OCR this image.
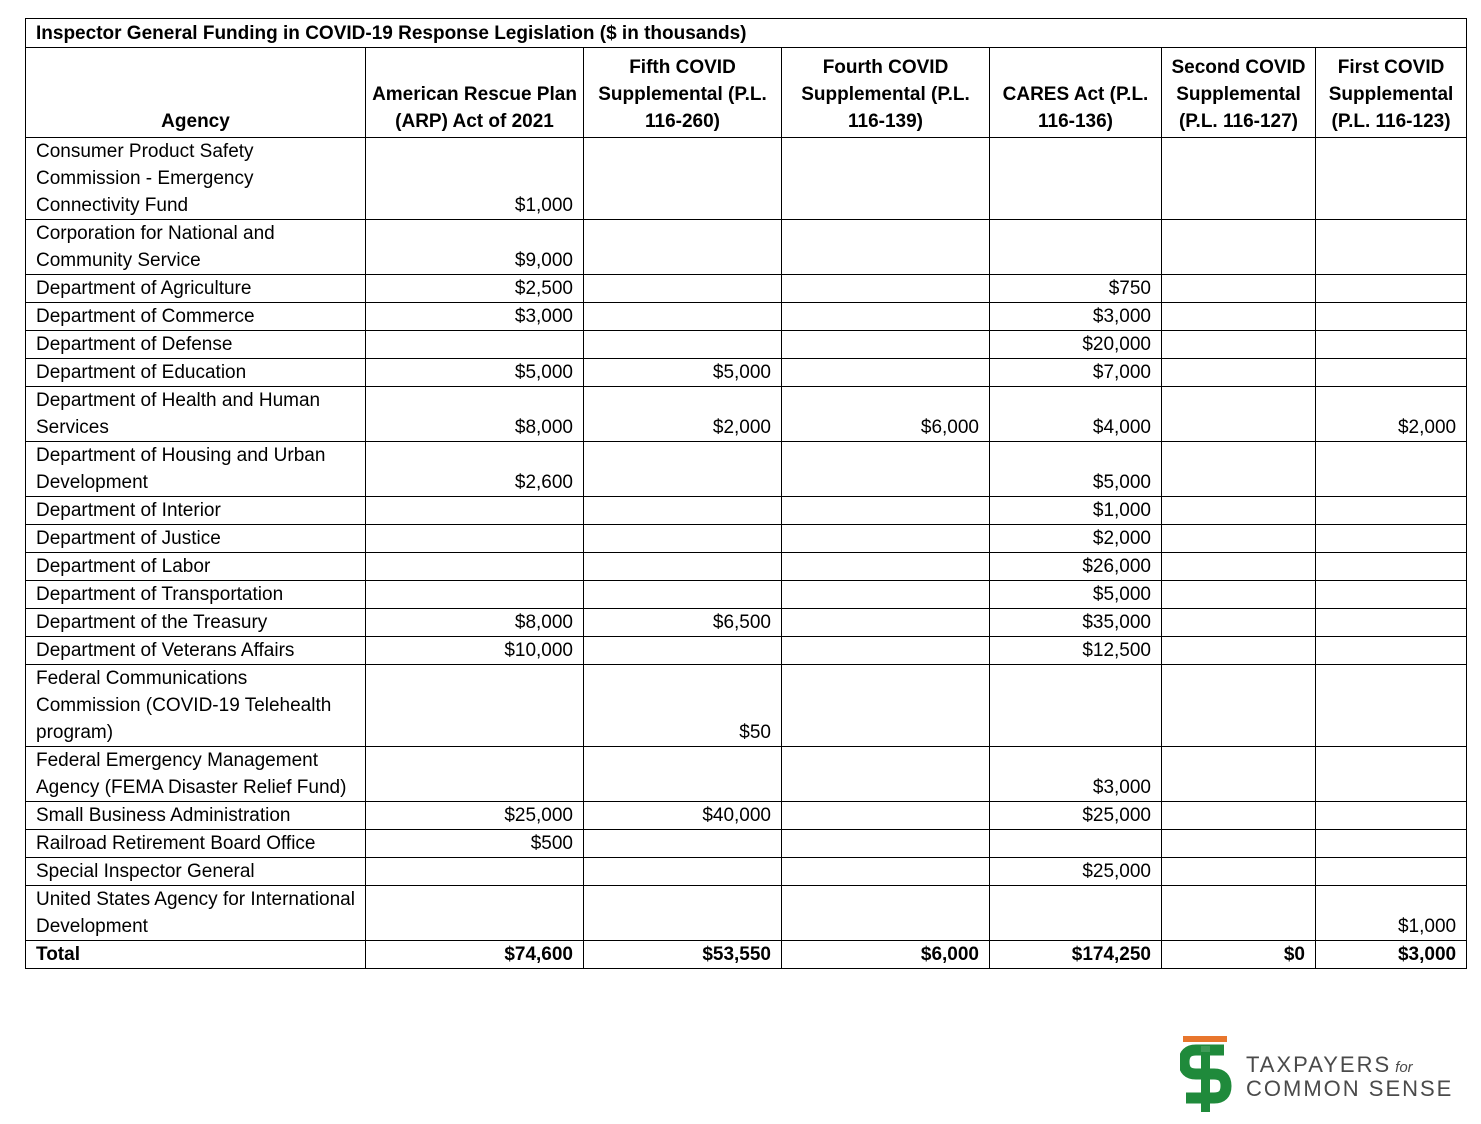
Inspector General Funding in COVID-19 Response Legislation ($ in thousands)						
Agency	American Rescue Plan (ARP) Act of 2021	Fifth COVID Supplemental (P.L. 116-260)	Fourth COVID Supplemental (P.L. 116-139)	CARES Act (P.L. 116-136)	Second COVID Supplemental (P.L. 116-127)	First COVID Supplemental (P.L. 116-123)
Consumer Product Safety Commission - Emergency Connectivity Fund	$1,000					
Corporation for National and Community Service	$9,000					
Department of Agriculture	$2,500			$750		
Department of Commerce	$3,000			$3,000		
Department of Defense				$20,000		
Department of Education	$5,000	$5,000		$7,000		
Department of Health and Human Services	$8,000	$2,000	$6,000	$4,000		$2,000
Department of Housing and Urban Development	$2,600			$5,000		
Department of Interior				$1,000		
Department of Justice				$2,000		
Department of Labor				$26,000		
Department of Transportation				$5,000		
Department of the Treasury	$8,000	$6,500		$35,000		
Department of Veterans Affairs	$10,000			$12,500		
Federal Communications Commission (COVID-19 Telehealth program)		$50				
Federal Emergency Management Agency (FEMA Disaster Relief Fund)				$3,000		
Small Business Administration	$25,000	$40,000		$25,000		
Railroad Retirement Board Office	$500					
Special Inspector General				$25,000		
United States Agency for International Development						$1,000
Total	$74,600	$53,550	$6,000	$174,250	$0	$3,000
TAXPAYERS for
COMMON SENSE
